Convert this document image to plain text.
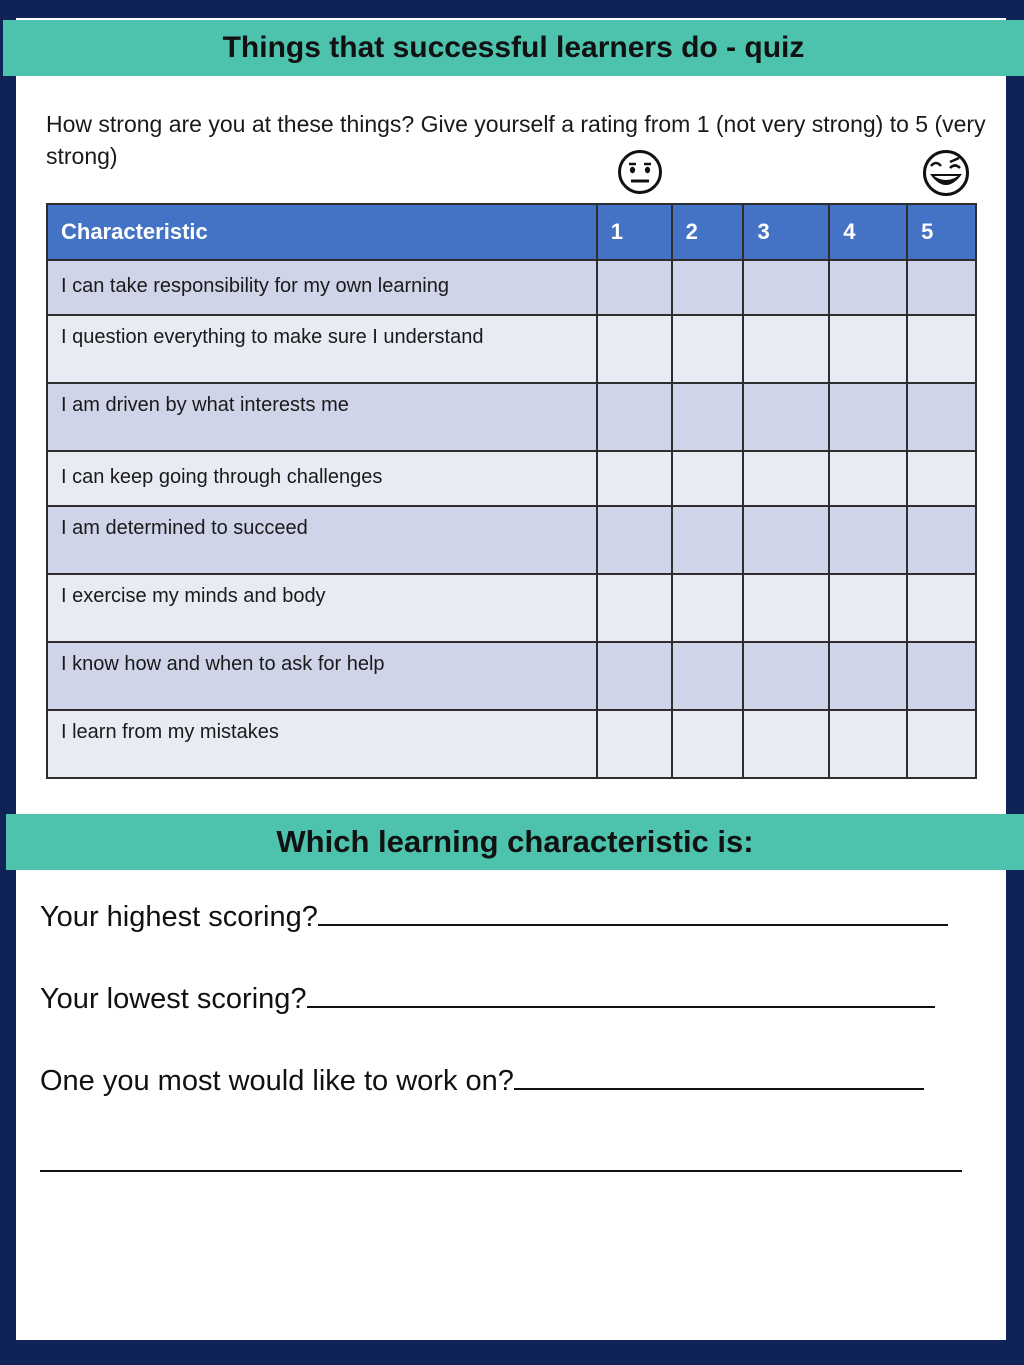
Things that successful learners do - quiz
How strong are you at these things? Give yourself a rating from 1 (not very strong) to 5 (very strong)
Characteristic	1	2	3	4	5
I can take responsibility for my own learning					
I question everything to make sure I understand					
I am driven by what interests me					
I can keep going through challenges					
I am determined to succeed					
I exercise my minds and body					
I know how and when to ask for help					
I learn from my mistakes					
Which learning characteristic is:
Your highest scoring?
Your lowest scoring?
One you most would like to work on?
